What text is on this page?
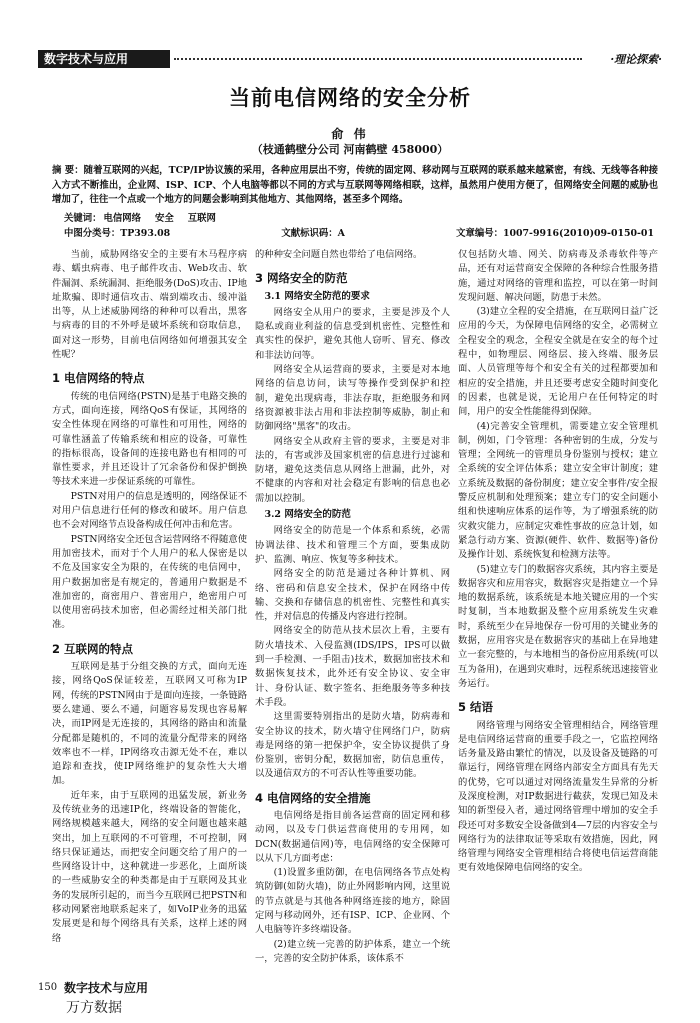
数字技术与应用	·理论探索·
当前电信网络的安全分析
俞 伟
（枝通鹤壁分公司 河南鹤壁 458000）
摘 要：随着互联网的兴起，TCP/IP协议簇的采用，各种应用层出不穷，传统的固定网、移动网与互联网的联系越来越紧密，有线、无线等各种接入方式不断推出，企业网、ISP、ICP、个人电脑等都以不同的方式与互联网等网络相联，这样，虽然用户使用方便了，但网络安全问题的威胁也增加了，往往一个点或一个地方的问题会影响到其他地方、其他网络，甚至多个网络。
关键词： 电信网络 安全 互联网
中图分类号：TP393.08	文献标识码：A	文章编号：1007-9916(2010)09-0150-01

当前，威胁网络安全的主要有木马程序病毒、蠕虫病毒、电子邮件攻击、Web攻击、软件漏洞、系统漏洞、拒绝服务(DoS)攻击、IP地址欺骗、即时通信攻击、端到端攻击、缓冲溢出等，从上述威胁网络的种种可以看出，黑客与病毒的目的不外呼是破坏系统和窃取信息，面对这一形势，目前电信网络如何增强其安全性呢？

1 电信网络的特点

传统的电信网络(PSTN)是基于电路交换的方式，面向连接，网络QoS有保证，其网络的安全性体现在网络的可靠性和可用性，网络的可靠性涵盖了传输系统和相应的设备，可靠性的指标很高，设备间的连接电路也有相同的可靠性要求，并且还设计了冗余备份和保护倒换等技术来进一步保证系统的可靠性。

PSTN对用户的信息是透明的，网络保证不对用户信息进行任何的修改和破坏。用户信息也不会对网络节点设备构成任何冲击和危害。

PSTN网络安全还包含运营网络不得随意使用加密技术，而对于个人用户的私人保密是以不危及国家安全为限的，在传统的电信网中，用户数据加密是有规定的，普通用户数据是不准加密的，商密用户、普密用户，绝密用户可以使用密码技术加密，但必需经过相关部门批准。

2 互联网的特点

互联网是基于分组交换的方式，面向无连接，网络QoS保证较差，互联网又可称为IP网，传统的PSTN网由于是面向连接，一条链路要么建通、要么不通，问题容易发现也容易解决，而IP网是无连接的，其网络的路由和流量分配都是随机的，不同的流量分配带来的网络效率也不一样，IP网络攻击源无处不在，难以追踪和查找，使IP网络维护的复杂性大大增加。

近年来，由于互联网的迅猛发展，新业务及传统业务的迅速IP化，终端设备的智能化，网络规模越来越大，网络的安全问题也越来越突出，加上互联网的不可管理，不可控制，网络只保证通达，而把安全问题交给了用户的一些网络设计中，这种就进一步恶化，上面所谈的一些威胁安全的种类都是由于互联网及其业务的发展所引起的，而当今互联网已把PSTN和移动网紧密地联系起来了，如VoIP业务的迅猛发展更是和每个网络具有关系，这样上述的网络

的种种安全问题自然也带给了电信网络。

3 网络安全的防范
3.1 网络安全防范的要求

网络安全从用户的要求，主要是涉及个人隐私或商业利益的信息受到机密性、完整性和真实性的保护，避免其他人窃听、冒充、修改和非法访问等。

网络安全从运营商的要求，主要是对本地网络的信息访问，读写等操作受到保护和控制，避免出现病毒，非法存取，拒绝服务和网络资源被非法占用和非法控制等威胁，制止和防御网络"黑客"的攻击。

网络安全从政府主管的要求，主要是对非法的，有害或涉及国家机密的信息进行过滤和防堵，避免这类信息从网络上泄漏，此外，对不健康的内容和对社会稳定有影响的信息也必需加以控制。

3.2 网络安全的防范

网络安全的防范是一个体系和系统，必需协调法律、技术和管理三个方面，要集成防护、监测、响应、恢复等多种技术。

网络安全的防范是通过各种计算机、网络、密码和信息安全技术，保护在网络中传输、交换和存储信息的机密性、完整性和真实性，并对信息的传播及内容进行控制。

网络安全的防范从技术层次上看，主要有防火墙技术、入侵监测(IDS/IPS，IPS可以做到一手检测、一手阻击)技术，数据加密技术和数据恢复技术，此外还有安全协议、安全审计、身份认证、数字签名、拒绝服务等多种技术手段。

这里需要特别指出的是防火墙，防病毒和安全协议的技术，防火墙守住网络门户，防病毒是网络的第一把保护伞，安全协议提供了身份鉴别，密钥分配，数据加密，防信息重传，以及通信双方的不可否认性等重要功能。

4 电信网络的安全措施

电信网络是指目前各运营商的固定网和移动网，以及专门供运营商使用的专用网，如DCN(数据通信网)等，电信网络的安全保障可以从下几方面考虑：

(1)设置多重防御，在电信网络各节点处构筑防御(如防火墙)，防止外网影响内网，这里说的节点就是与其他各种网络连接的地方，除固定网与移动网外，还有ISP、ICP、企业网、个人电脑等许多终端设备。

(2)建立统一完善的防护体系，建立一个统一，完善的安全防护体系，该体系不

仅包括防火墙、网关、防病毒及杀毒软件等产品，还有对运营商安全保障的各种综合性服务措施，通过对网络的管理和监控，可以在第一时间发现问题、解决问题，防患于未然。

(3)建立全程的安全措施，在互联网日益广泛应用的今天，为保障电信网络的安全，必需树立全程安全的观念，全程安全就是在安全的每个过程中，如物理层、网络层、接入终端、服务层面、人员管理等每个和安全有关的过程都要加和相应的安全措施，并且还要考虑安全随时间变化的因素，也就是说，无论用户在任何特定的时间，用户的安全性能能得到保障。

(4)完善安全管理机，需要建立安全管理机制，例如，门令管理：各种密钥的生成，分发与管理；全网统一的管理员身份鉴别与授权；建立全系统的安全评估体系；建立安全审计制度；建立系统及数据的备份制度；建立安全事件/安全报警反应机制和处理预案；建立专门的安全问题小组和快速响应体系的运作等，为了增强系统的防灾救灾能力，应制定灾难性事故的应急计划，如紧急行动方案、资源(硬件、软件、数据等)备份及操作计划、系统恢复和检测方法等。

(5)建立专门的数据容灾系统，其内容主要是数据容灾和应用容灾，数据容灾是指建立一个异地的数据系统，该系统是本地关键应用的一个实时复制，当本地数据及整个应用系统发生灾难时，系统至少在异地保存一份可用的关键业务的数据，应用容灾是在数据容灾的基础上在异地建立一套完整的，与本地相当的备份应用系统(可以互为备用)，在遇到灾难时，远程系统迅速接管业务运行。

5 结语

网络管理与网络安全管理相结合，网络管理是电信网络运营商的重要手段之一，它监控网络话务量及路由繁忙的情况，以及设备及链路的可靠运行，网络管理在网络内部安全方面具有先天的优势，它可以通过对网络流量发生异常的分析及深度检测，对IP数据进行截获，发现已知及未知的新型侵入者，通过网络管理中增加的安全手段还可对多数安全设备做到4—7层的内容安全与网络行为的法律取证等采取有效措施，因此，网络管理与网络安全管理相结合将使电信运营商能更有效地保障电信网络的安全。

150 数字技术与应用
万方数据
